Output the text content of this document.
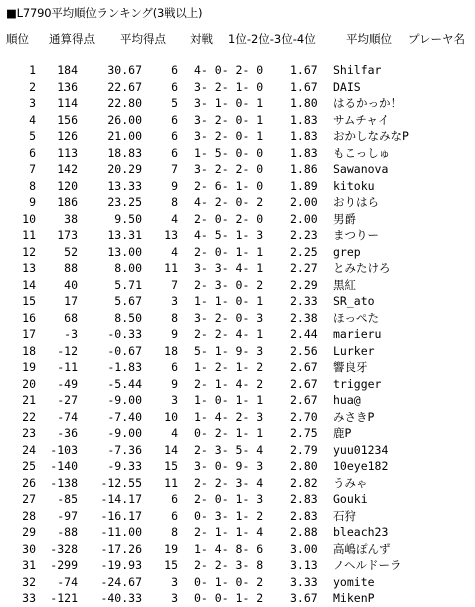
■L7790平均順位ランキング(3戦以上)
順位 通算得点 平均得点 対戦 1位-2位-3位-4位	平均順位 プレーヤ名
1	184	30.67	6 4- 0- 2- 0	1.67	Shilfar
2	136	22.67	6 3- 2- 1- 0	1.67	DAIS
3	114	22.80	5 3- 1- 0- 1	1.80	はるかっか！
4	156	26.00	6 3- 2- 0- 1	1.83	サムチャイ
5	126	21.00	6 3- 2- 0- 1	1.83	おかしなみなP
6	113	18.83	6 1- 5- 0- 0	1.83	もこっしゅ
7	142	20.29	7 3- 2- 2- 0	1.86	Sawanova
8	120	13.33	9 2- 6- 1- 0	1.89	kitoku
9	186	23.25	8 4- 2- 0- 2	2.00	おりはら
10	38	9.50	4 2- 0- 2- 0	2.00	男爵
11	173	13.31	13 4- 5- 1- 3	2.23	まつりー
12	52	13.00	4 2- 0- 1- 1	2.25	grep
13	88	8.00	11 3- 3- 4- 1	2.27	とみたけろ
14	40	5.71	7 2- 3- 0- 2	2.29	黒紅
15	17	5.67	3 1- 1- 0- 1	2.33	SR_ato
16	68	8.50	8 3- 2- 0- 3	2.38	ほっぺた
17	-3	-0.33	9 2- 2- 4- 1	2.44	marieru
18	-12	-0.67	18 5- 1- 9- 3	2.56	Lurker
19	-11	-1.83	6 1- 2- 1- 2	2.67	響良牙
20	-49	-5.44	9 2- 1- 4- 2	2.67	trigger
21	-27	-9.00	3 1- 0- 1- 1	2.67	hua@
22	-74	-7.40	10 1- 4- 2- 3	2.70	みさきP
23	-36	-9.00	4 0- 2- 1- 1	2.75	鹿P
24	-103	-7.36	14 2- 3- 5- 4	2.79	yuu01234
25	-140	-9.33	15 3- 0- 9- 3	2.80	10eye182
26	-138	-12.55	11 2- 2- 3- 4	2.82	うみゃ
27	-85	-14.17	6 2- 0- 1- 3	2.83	Gouki
28	-97	-16.17	6 0- 3- 1- 2	2.83	石狩
29	-88	-11.00	8 2- 1- 1- 4	2.88	bleach23
30	-328	-17.26	19 1- 4- 8- 6	3.00	高嶋ぽんず
31	-299	-19.93	15 2- 2- 3- 8	3.13	ノヘルドーラ
32	-74	-24.67	3 0- 1- 0- 2	3.33	yomite
33	-121	-40.33	3 0- 0- 1- 2	3.67	MikenP
